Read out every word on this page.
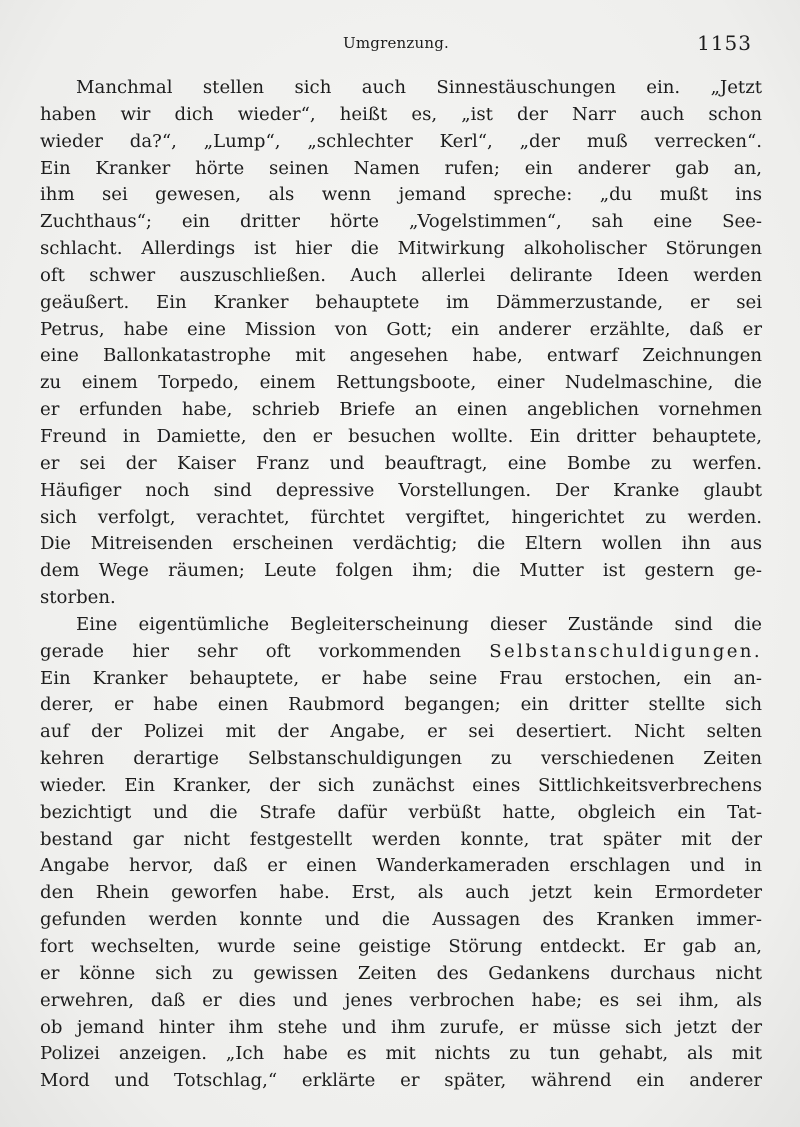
Umgrenzung.	1153
Manchmal stellen sich auch Sinnestäuschungen ein. „Jetzt
haben wir dich wieder“, heißt es, „ist der Narr auch schon
wieder da?“, „Lump“, „schlechter Kerl“, „der muß verrecken“.
Ein Kranker hörte seinen Namen rufen; ein anderer gab an,
ihm sei gewesen, als wenn jemand spreche: „du mußt ins
Zuchthaus“; ein dritter hörte „Vogelstimmen“, sah eine See-
schlacht. Allerdings ist hier die Mitwirkung alkoholischer Störungen
oft schwer auszuschließen. Auch allerlei delirante Ideen werden
geäußert. Ein Kranker behauptete im Dämmerzustande, er sei
Petrus, habe eine Mission von Gott; ein anderer erzählte, daß er
eine Ballonkatastrophe mit angesehen habe, entwarf Zeichnungen
zu einem Torpedo, einem Rettungsboote, einer Nudelmaschine, die
er erfunden habe, schrieb Briefe an einen angeblichen vornehmen
Freund in Damiette, den er besuchen wollte. Ein dritter behauptete,
er sei der Kaiser Franz und beauftragt, eine Bombe zu werfen.
Häufiger noch sind depressive Vorstellungen. Der Kranke glaubt
sich verfolgt, verachtet, fürchtet vergiftet, hingerichtet zu werden.
Die Mitreisenden erscheinen verdächtig; die Eltern wollen ihn aus
dem Wege räumen; Leute folgen ihm; die Mutter ist gestern ge-
storben.
Eine eigentümliche Begleiterscheinung dieser Zustände sind die
gerade hier sehr oft vorkommenden Selbstanschuldigungen.
Ein Kranker behauptete, er habe seine Frau erstochen, ein an-
derer, er habe einen Raubmord begangen; ein dritter stellte sich
auf der Polizei mit der Angabe, er sei desertiert. Nicht selten
kehren derartige Selbstanschuldigungen zu verschiedenen Zeiten
wieder. Ein Kranker, der sich zunächst eines Sittlichkeitsverbrechens
bezichtigt und die Strafe dafür verbüßt hatte, obgleich ein Tat-
bestand gar nicht festgestellt werden konnte, trat später mit der
Angabe hervor, daß er einen Wanderkameraden erschlagen und in
den Rhein geworfen habe. Erst, als auch jetzt kein Ermordeter
gefunden werden konnte und die Aussagen des Kranken immer-
fort wechselten, wurde seine geistige Störung entdeckt. Er gab an,
er könne sich zu gewissen Zeiten des Gedankens durchaus nicht
erwehren, daß er dies und jenes verbrochen habe; es sei ihm, als
ob jemand hinter ihm stehe und ihm zurufe, er müsse sich jetzt der
Polizei anzeigen. „Ich habe es mit nichts zu tun gehabt, als mit
Mord und Totschlag,“ erklärte er später, während ein anderer
